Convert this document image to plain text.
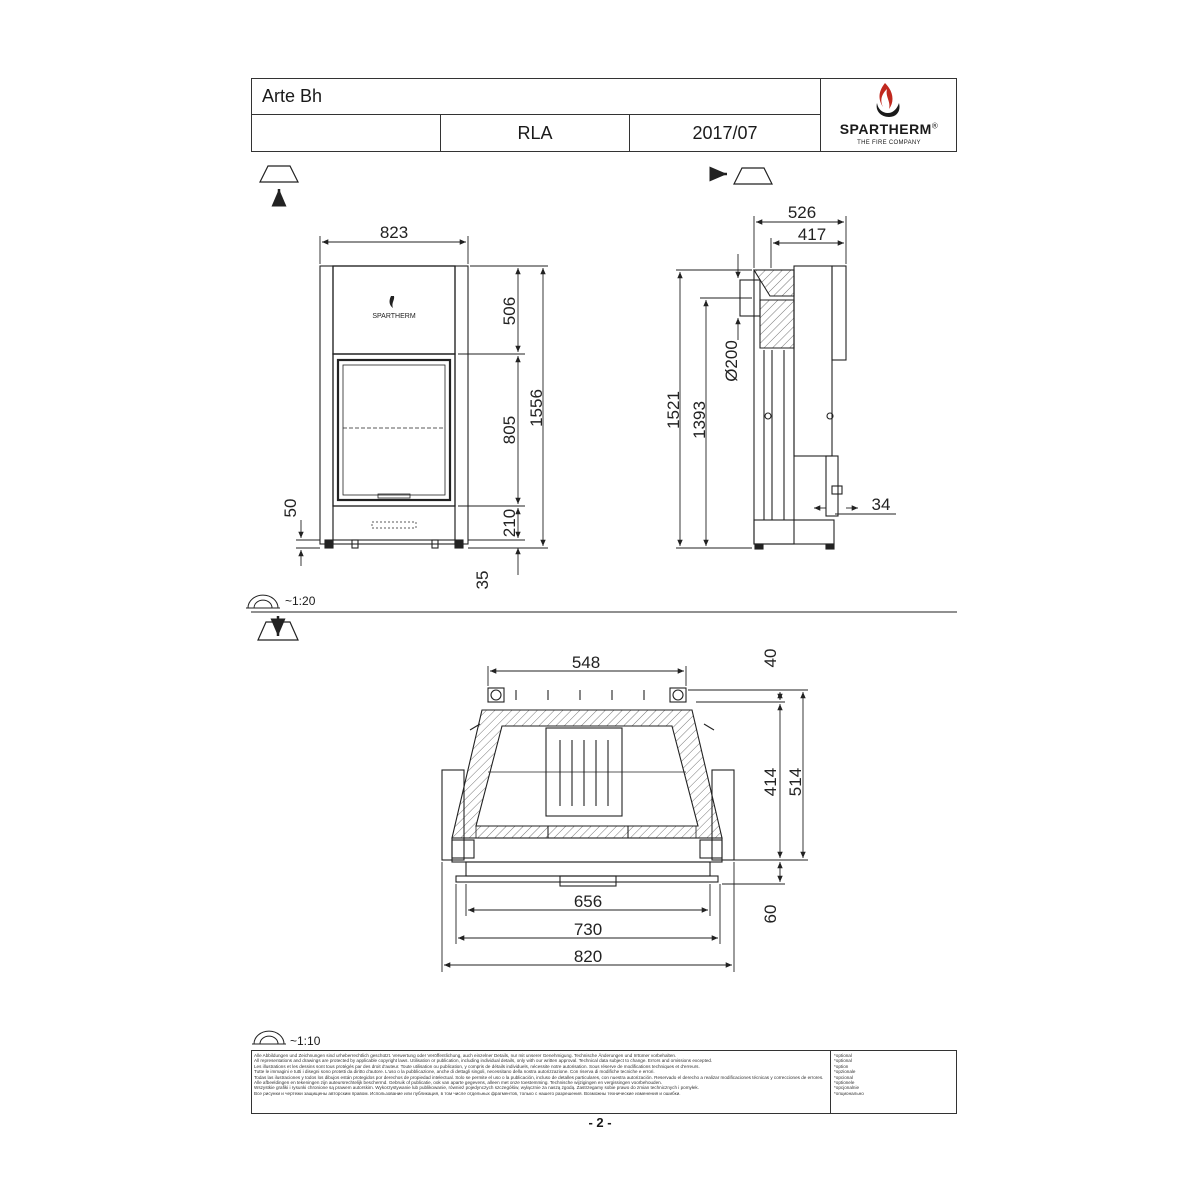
Arte Bh
RLA	2017/07	SPARTHERM®
THE FIRE COMPANY
SPARTHERM
823
506
805
1556
210
50
35
526
417
1521 1393
Ø200
34
548
656
730
820
40
414 514
60
~1:20
~1:10
Alle Abbildungen und Zeichnungen sind urheberrechtlich geschützt. Verwertung oder Veröffentlichung, auch einzelner Details, nur mit unserer Genehmigung. Technische Änderungen und Irrtümer vorbehalten.
All representations and drawings are protected by applicable copyright laws. Utilisation or publication, including individual details, only with our written approval. Technical data subject to change. Errors and omissions excepted.
Les illustrations et les dessins sont tous protégés par des droit d'auteur. Toute utilisation ou publication, y compris de détails individuels, nécessite notre autorisation. Sous réserve de modifications techniques et d'erreurs.
Tutte le immagini e tutti i disegni sono protetti da diritto d'autore. L'uso o la pubblicazione, anche di dettagli singoli, necessitano della nostra autorizzazione. Con riserva di modifiche tecniche e errori.
Todas las ilustraciones y todos los dibujos están protegidos por derechos de propiedad intelectual. Solo se permite el uso o la publicación, incluso de detalles particulares, con nuestra autorización. Reservado el derecho a realizar modificaciones técnicas y correcciones de errores.
Alle afbeeldingen en tekeningen zijn auteursrechtelijk beschermd. Gebruik of publicatie, ook van aparte gegevens, alleen met onze toestemming. Technische wijzigingen en vergissingen voorbehouden.
Wszystkie grafiki i rysunki chronione są prawem autorskim. Wykorzystywanie lub publikowanie, również pojedynczych szczegółów, wyłącznie za naszą zgodą. Zastrzegamy sobie prawo do zmian technicznych i pomyłek.
Все рисунки и чертежи защищены авторским правом. Использование или публикация, в том числе отдельных фрагментов, только с нашего разрешения. Возможны технические изменения и ошибки.
*optional
*optional
*option
*opzionale
*opcional
*optionele
*opcjonalnie
*опционально
- 2 -
